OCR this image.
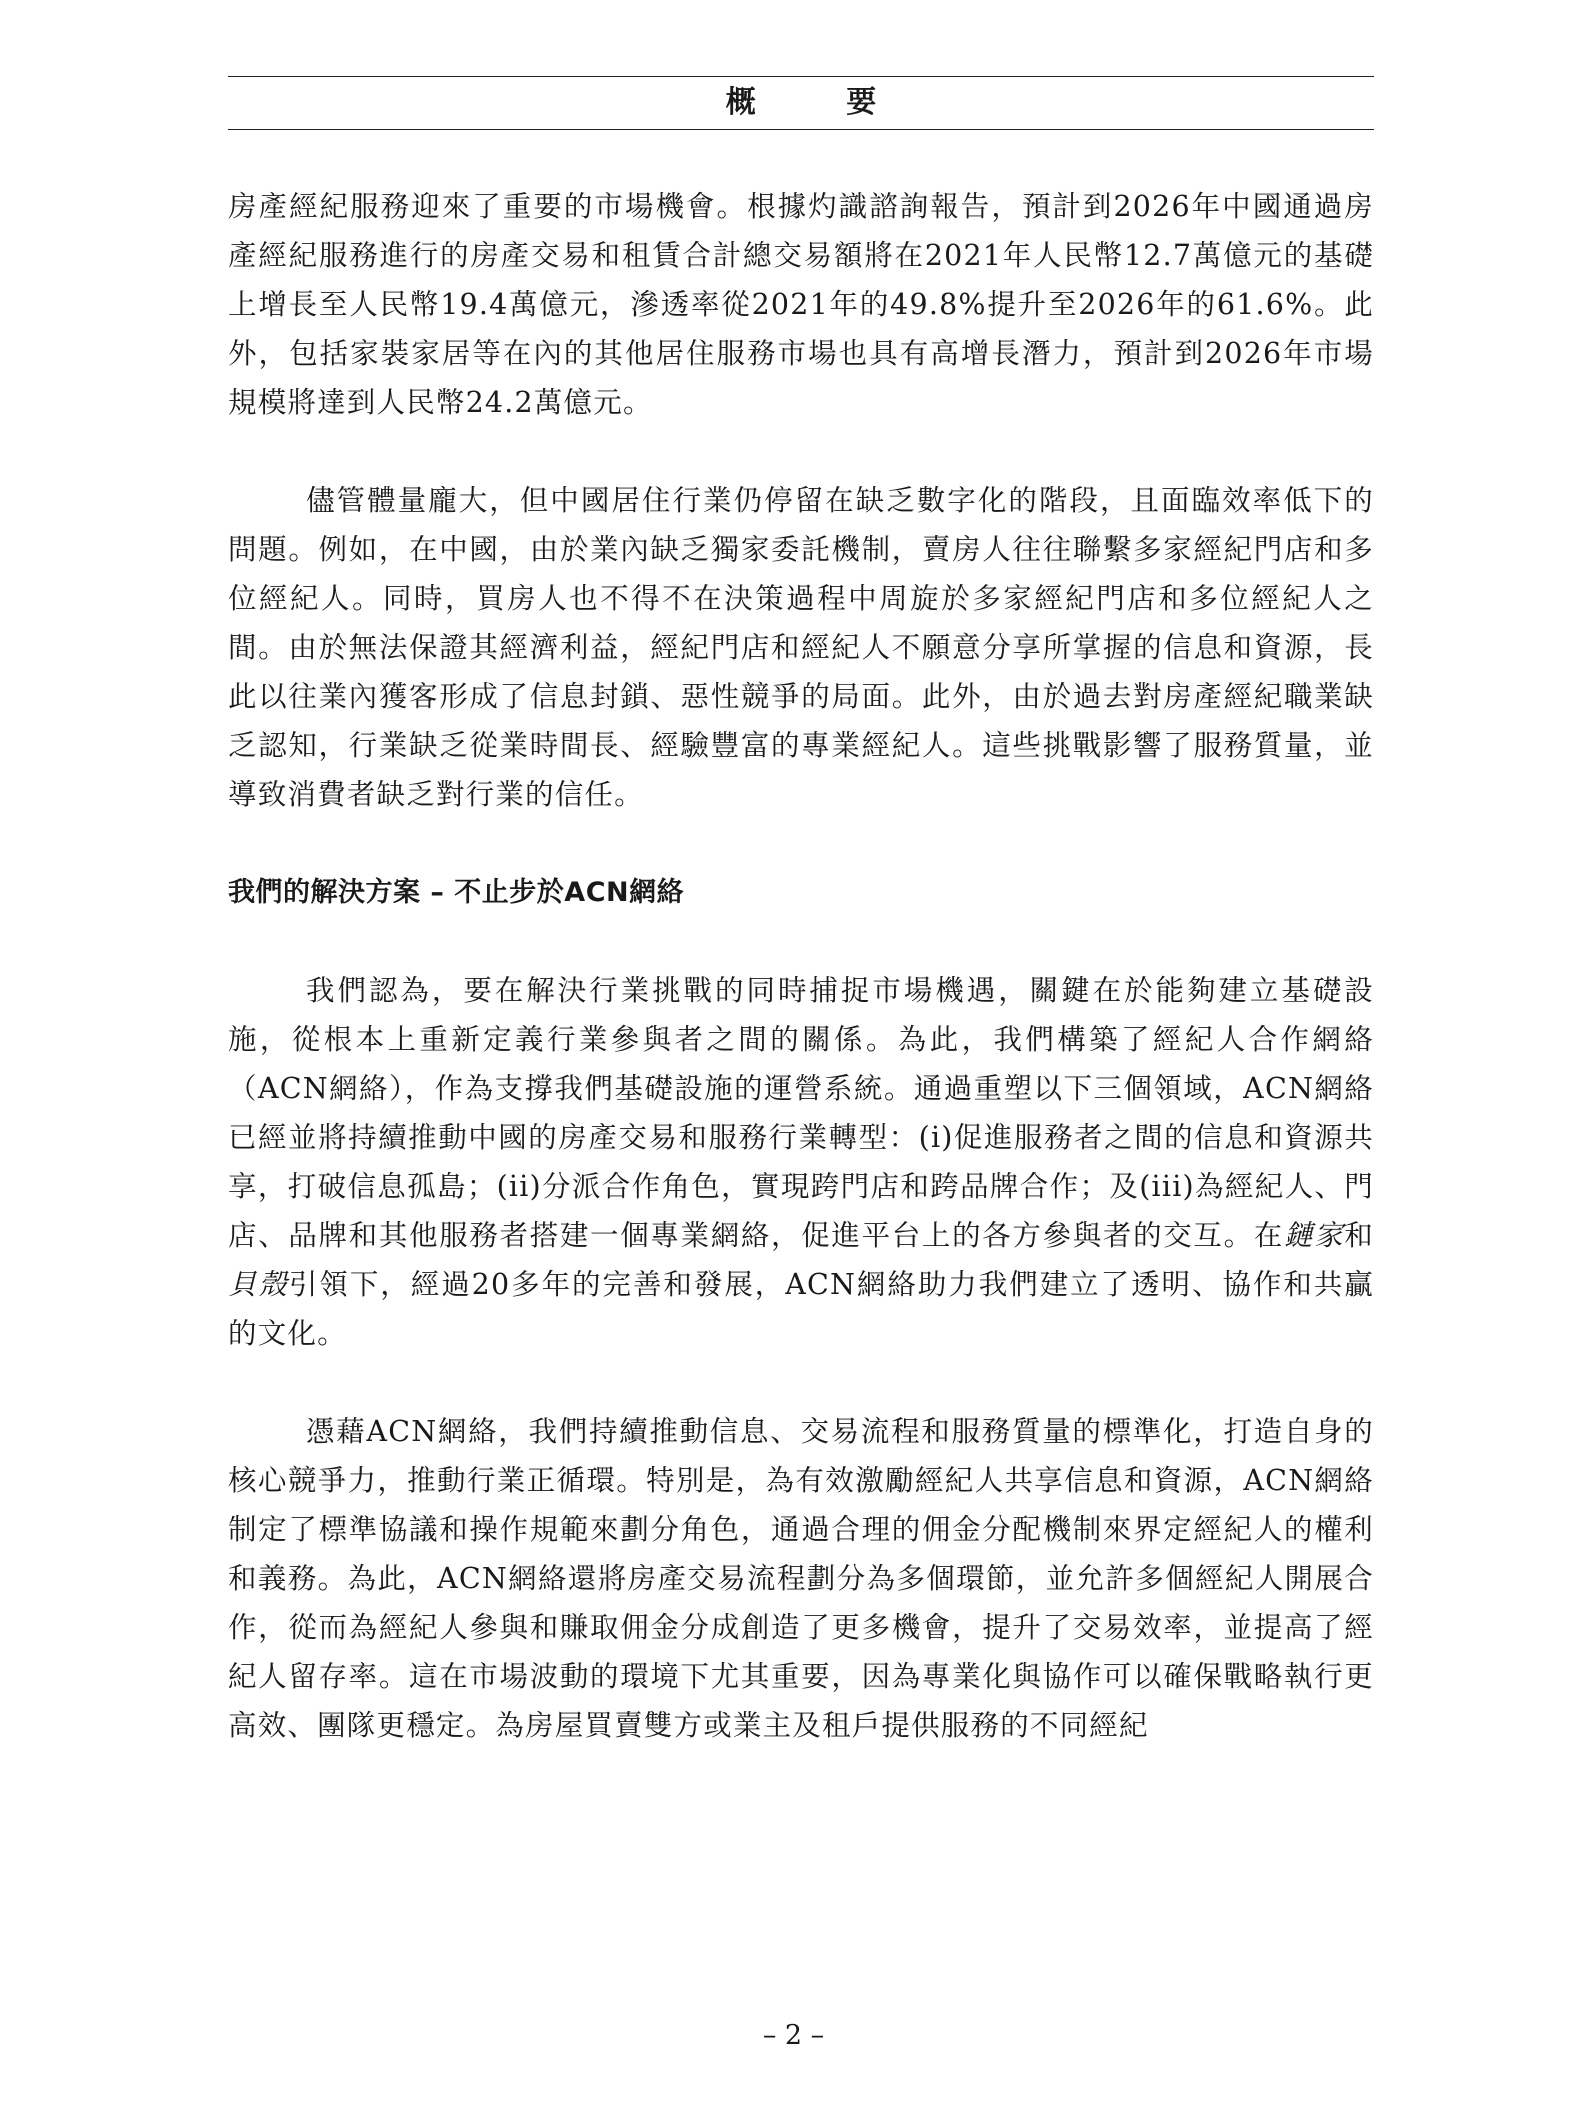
概 要

房產經紀服務迎來了重要的市場機會。根據灼識諮詢報告，預計到2026年中國通過房產經紀服務進行的房產交易和租賃合計總交易額將在2021年人民幣12.7萬億元的基礎上增長至人民幣19.4萬億元，滲透率從2021年的49.8%提升至2026年的61.6%。此外，包括家裝家居等在內的其他居住服務市場也具有高增長潛力，預計到2026年市場規模將達到人民幣24.2萬億元。

儘管體量龐大，但中國居住行業仍停留在缺乏數字化的階段，且面臨效率低下的問題。例如，在中國，由於業內缺乏獨家委託機制，賣房人往往聯繫多家經紀門店和多位經紀人。同時，買房人也不得不在決策過程中周旋於多家經紀門店和多位經紀人之間。由於無法保證其經濟利益，經紀門店和經紀人不願意分享所掌握的信息和資源，長此以往業內獲客形成了信息封鎖、惡性競爭的局面。此外，由於過去對房產經紀職業缺乏認知，行業缺乏從業時間長、經驗豐富的專業經紀人。這些挑戰影響了服務質量，並導致消費者缺乏對行業的信任。

我們的解決方案 – 不止步於ACN網絡

我們認為，要在解決行業挑戰的同時捕捉市場機遇，關鍵在於能夠建立基礎設施，從根本上重新定義行業參與者之間的關係。為此，我們構築了經紀人合作網絡（ACN網絡），作為支撐我們基礎設施的運營系統。通過重塑以下三個領域，ACN網絡已經並將持續推動中國的房產交易和服務行業轉型：(i)促進服務者之間的信息和資源共享，打破信息孤島；(ii)分派合作角色，實現跨門店和跨品牌合作；及(iii)為經紀人、門店、品牌和其他服務者搭建一個專業網絡，促進平台上的各方參與者的交互。在鏈家和貝殼引領下，經過20多年的完善和發展，ACN網絡助力我們建立了透明、協作和共贏的文化。

憑藉ACN網絡，我們持續推動信息、交易流程和服務質量的標準化，打造自身的核心競爭力，推動行業正循環。特別是，為有效激勵經紀人共享信息和資源，ACN網絡制定了標準協議和操作規範來劃分角色，通過合理的佣金分配機制來界定經紀人的權利和義務。為此，ACN網絡還將房產交易流程劃分為多個環節，並允許多個經紀人開展合作，從而為經紀人參與和賺取佣金分成創造了更多機會，提升了交易效率，並提高了經紀人留存率。這在市場波動的環境下尤其重要，因為專業化與協作可以確保戰略執行更高效、團隊更穩定。為房屋買賣雙方或業主及租戶提供服務的不同經紀

– 2 –
